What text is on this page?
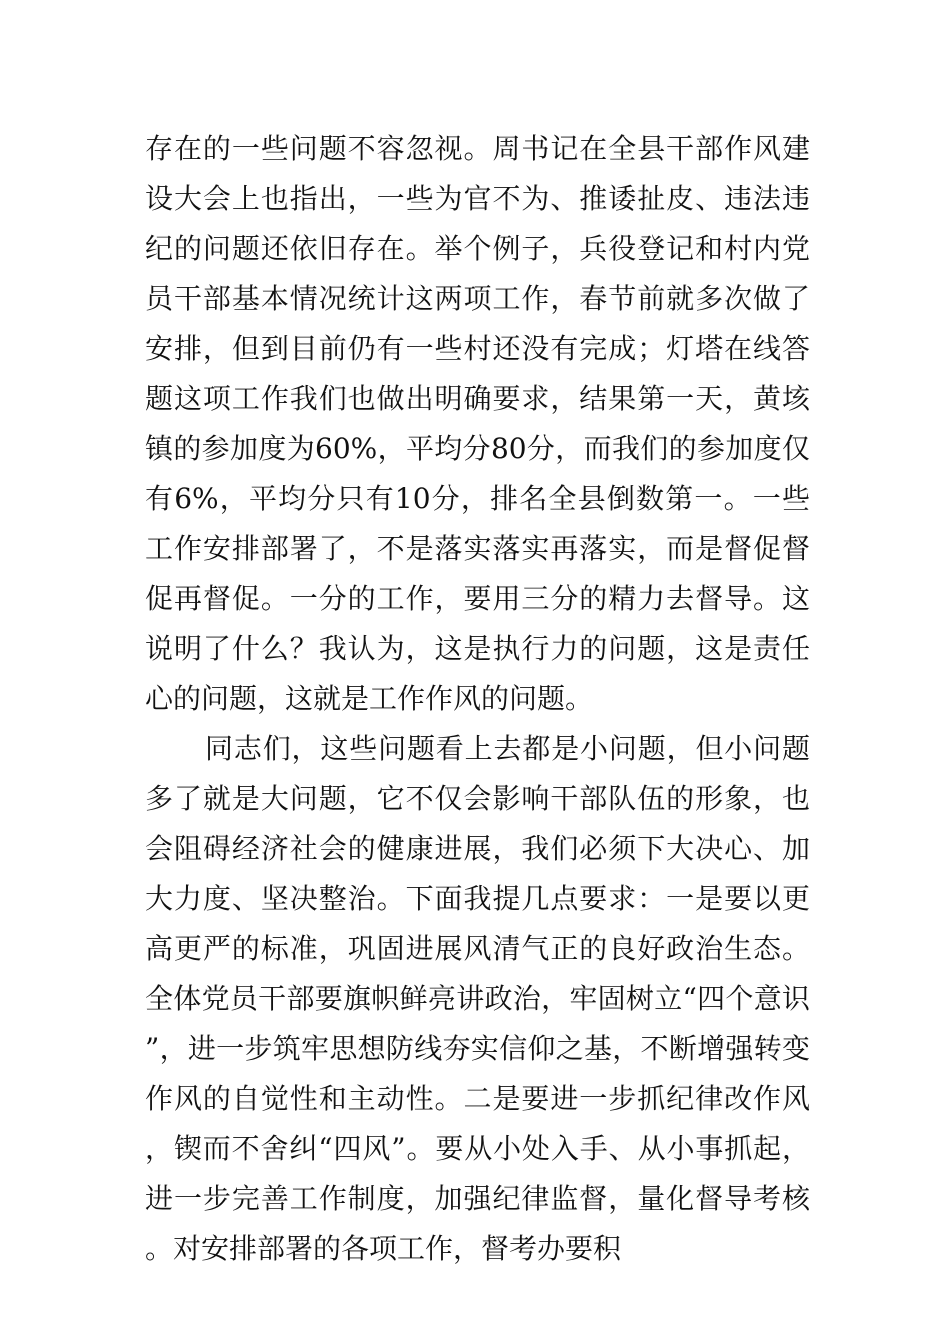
存在的一些问题不容忽视。周书记在全县干部作风建设大会上也指出，一些为官不为、推诿扯皮、违法违纪的问题还依旧存在。举个例子，兵役登记和村内党员干部基本情况统计这两项工作，春节前就多次做了安排，但到目前仍有一些村还没有完成；灯塔在线答题这项工作我们也做出明确要求，结果第一天，黄垓镇的参加度为60%，平均分80分，而我们的参加度仅有6%，平均分只有10分，排名全县倒数第一。一些工作安排部署了，不是落实落实再落实，而是督促督促再督促。一分的工作，要用三分的精力去督导。这说明了什么？我认为，这是执行力的问题，这是责任心的问题，这就是工作作风的问题。

同志们，这些问题看上去都是小问题，但小问题多了就是大问题，它不仅会影响干部队伍的形象，也会阻碍经济社会的健康进展，我们必须下大决心、加大力度、坚决整治。下面我提几点要求：一是要以更高更严的标准，巩固进展风清气正的良好政治生态。全体党员干部要旗帜鲜亮讲政治，牢固树立“四个意识”，进一步筑牢思想防线夯实信仰之基，不断增强转变作风的自觉性和主动性。二是要进一步抓纪律改作风，锲而不舍纠“四风”。要从小处入手、从小事抓起，进一步完善工作制度，加强纪律监督，量化督导考核。对安排部署的各项工作，督考办要积
